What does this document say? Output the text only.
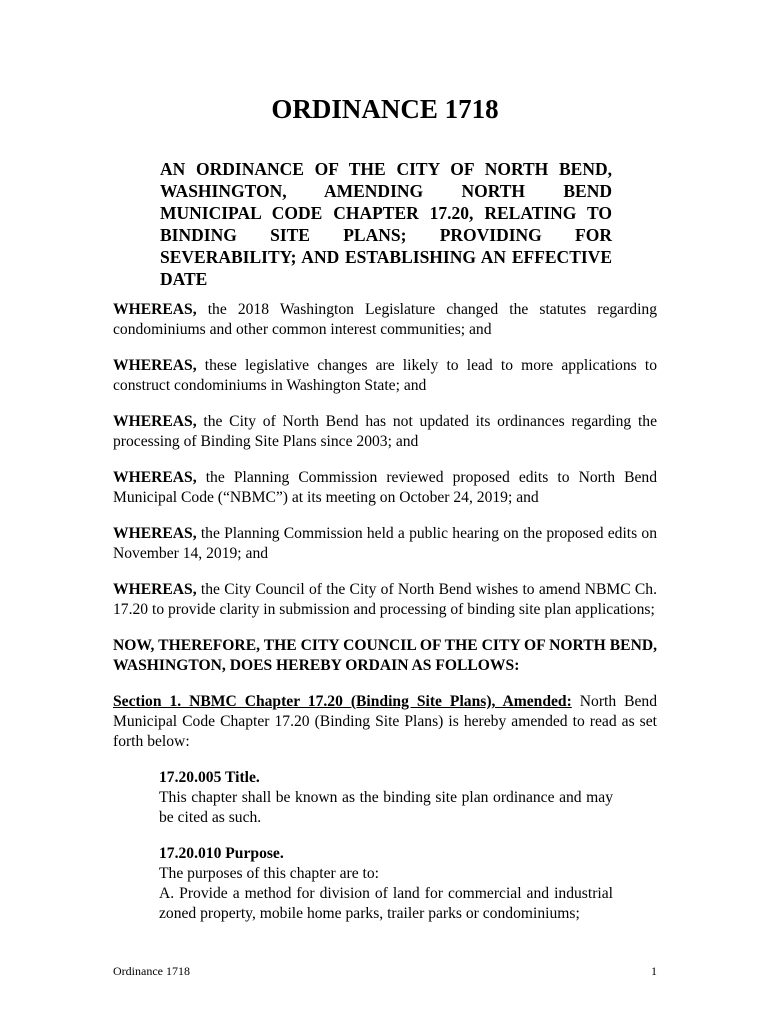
ORDINANCE 1718
AN ORDINANCE OF THE CITY OF NORTH BEND, WASHINGTON, AMENDING NORTH BEND MUNICIPAL CODE CHAPTER 17.20, RELATING TO BINDING SITE PLANS; PROVIDING FOR SEVERABILITY; AND ESTABLISHING AN EFFECTIVE DATE

WHEREAS, the 2018 Washington Legislature changed the statutes regarding condominiums and other common interest communities; and

WHEREAS, these legislative changes are likely to lead to more applications to construct condominiums in Washington State; and

WHEREAS, the City of North Bend has not updated its ordinances regarding the processing of Binding Site Plans since 2003; and

WHEREAS, the Planning Commission reviewed proposed edits to North Bend Municipal Code (“NBMC”) at its meeting on October 24, 2019; and

WHEREAS, the Planning Commission held a public hearing on the proposed edits on November 14, 2019; and

WHEREAS, the City Council of the City of North Bend wishes to amend NBMC Ch. 17.20 to provide clarity in submission and processing of binding site plan applications;

NOW, THEREFORE, THE CITY COUNCIL OF THE CITY OF NORTH BEND, WASHINGTON, DOES HEREBY ORDAIN AS FOLLOWS:

Section 1. NBMC Chapter 17.20 (Binding Site Plans), Amended: North Bend Municipal Code Chapter 17.20 (Binding Site Plans) is hereby amended to read as set forth below:

17.20.005 Title.
This chapter shall be known as the binding site plan ordinance and may be cited as such.
17.20.010 Purpose.
The purposes of this chapter are to:
A. Provide a method for division of land for commercial and industrial zoned property, mobile home parks, trailer parks or condominiums;
Ordinance 1718	1
